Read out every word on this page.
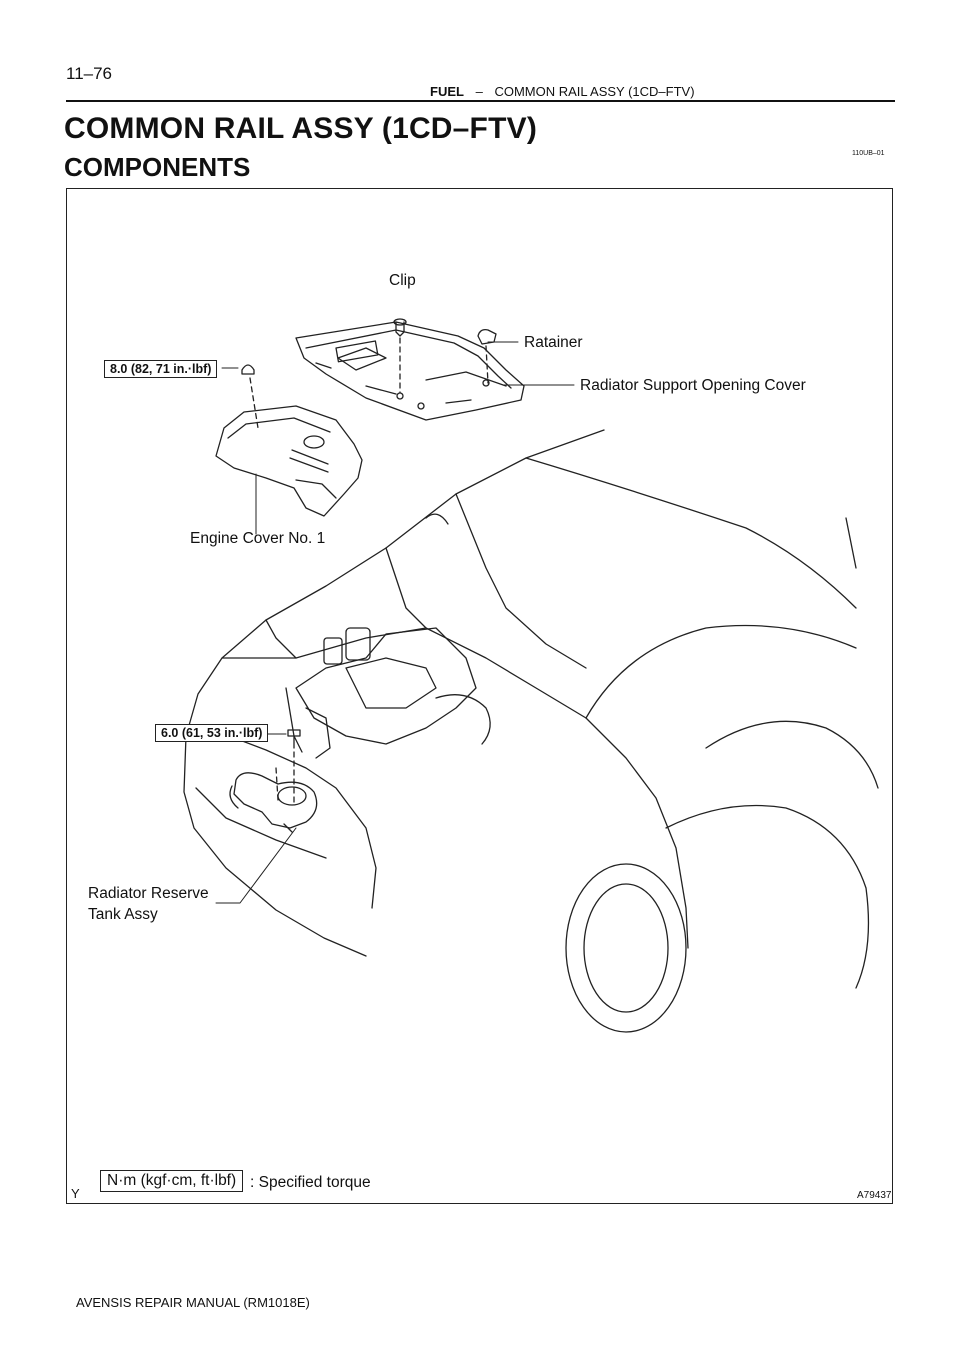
11–76
FUEL – COMMON RAIL ASSY (1CD–FTV)
COMMON RAIL ASSY (1CD–FTV)
COMPONENTS	110UB–01
Clip
Ratainer
Radiator Support Opening Cover
Engine Cover No. 1
Radiator Reserve
Tank Assy
8.0 (82, 71 in.·lbf)
6.0 (61, 53 in.·lbf)
N·m (kgf·cm, ft·lbf) : Specified torque
Y	A79437
AVENSIS REPAIR MANUAL (RM1018E)
